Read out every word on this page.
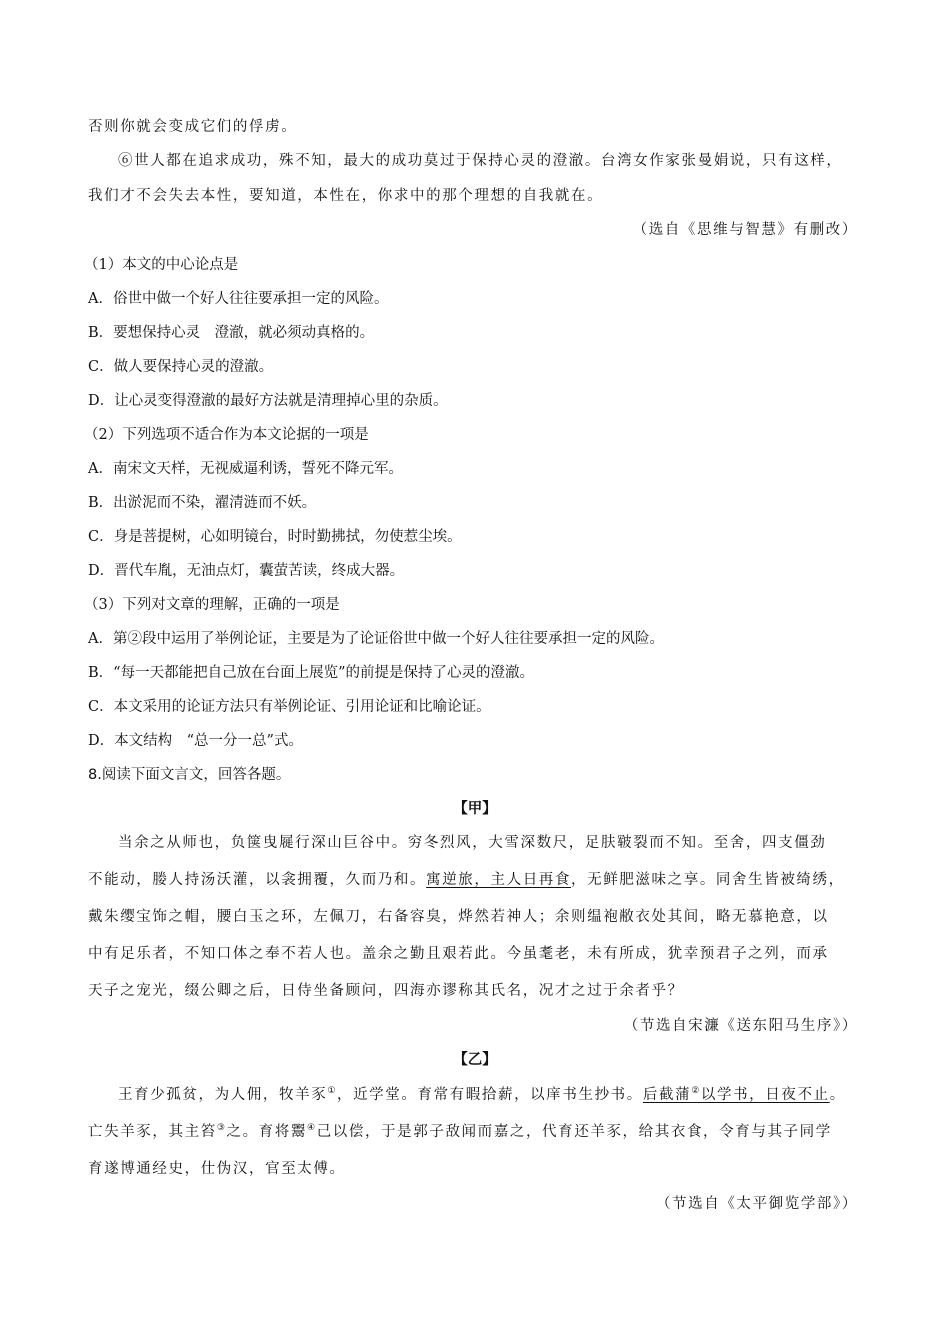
否则你就会变成它们的俘虏。
⑥世人都在追求成功，殊不知，最大的成功莫过于保持心灵的澄澈。台湾女作家张曼娟说，只有这样，
我们才不会失去本性，要知道，本性在，你求中的那个理想的自我就在。
（选自《思维与智慧》有删改）
（1）本文的中心论点是
A．俗世中做一个好人往往要承担一定的风险。
B．要想保持心灵　澄澈，就必须动真格的。
C．做人要保持心灵的澄澈。
D．让心灵变得澄澈的最好方法就是清理掉心里的杂质。
（2）下列选项不适合作为本文论据的一项是
A．南宋文天样，无视威逼利诱，誓死不降元军。
B．出淤泥而不染，濯清涟而不妖。
C．身是菩提树，心如明镜台，时时勤拂拭，勿使惹尘埃。
D．晋代车胤，无油点灯，囊萤苦读，终成大器。
（3）下列对文章的理解，正确的一项是
A．第②段中运用了举例论证，主要是为了论证俗世中做一个好人往往要承担一定的风险。
B．“每一天都能把自己放在台面上展览”的前提是保持了心灵的澄澈。
C．本文采用的论证方法只有举例论证、引用论证和比喻论证。
D．本文结构　“总一分一总”式。
8.阅读下面文言文，回答各题。
【甲】
当余之从师也，负箧曳屣行深山巨谷中。穷冬烈风，大雪深数尺，足肤皲裂而不知。至舍，四支僵劲
不能动，媵人持汤沃灌，以衾拥覆，久而乃和。寓逆旅，主人日再食，无鲜肥滋味之享。同舍生皆被绮绣，
戴朱缨宝饰之帽，腰白玉之环，左佩刀，右备容臭，烨然若神人；余则缊袍敝衣处其间，略无慕艳意，以
中有足乐者，不知口体之奉不若人也。盖余之勤且艰若此。今虽耄老，未有所成，犹幸预君子之列，而承
天子之宠光，缀公卿之后，日侍坐备顾问，四海亦谬称其氏名，况才之过于余者乎？
（节选自宋濂《送东阳马生序》）
【乙】
王育少孤贫，为人佣，牧羊豕①，近学堂。育常有暇拾薪，以庠书生抄书。后截蒲②以学书，日夜不止。
亡失羊豕，其主笞③之。育将鬻④己以偿，于是郭子敌闻而嘉之，代育还羊豕，给其衣食，令育与其子同学
育遂博通经史，仕伪汉，官至太傅。
（节选自《太平御览学部》）
